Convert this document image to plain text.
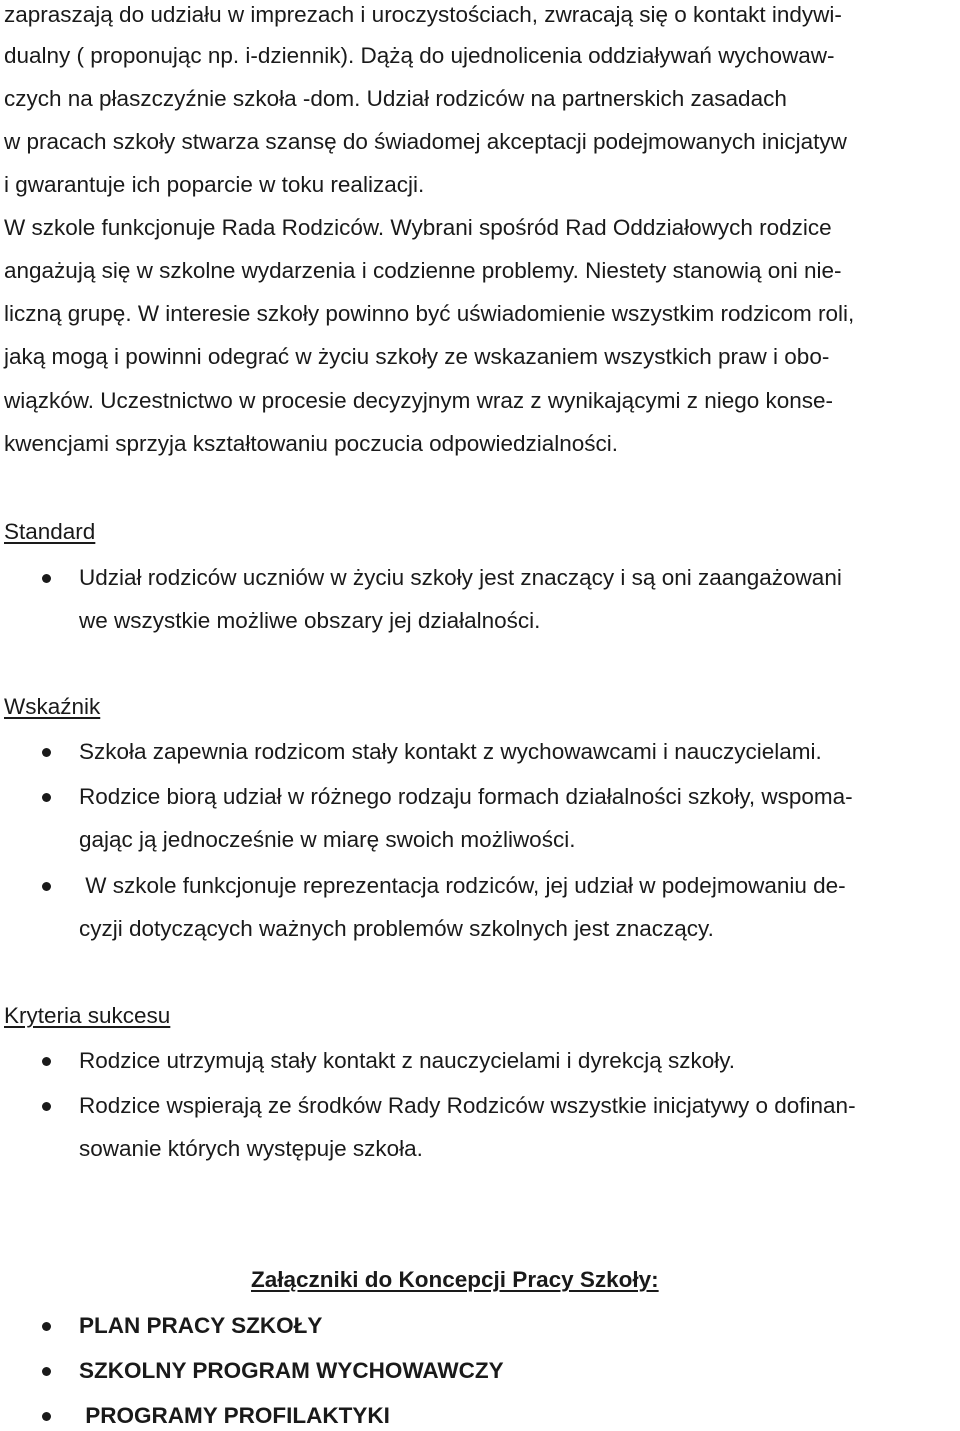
zapraszają do udziału w imprezach i uroczystościach, zwracają się o kontakt indywi-
dualny ( proponując np. i-dziennik). Dążą do ujednolicenia oddziaływań wychowaw-
czych na płaszczyźnie szkoła -dom. Udział rodziców na partnerskich zasadach
w pracach szkoły stwarza szansę do świadomej akceptacji podejmowanych inicjatyw
i gwarantuje ich poparcie w toku realizacji.
W szkole funkcjonuje Rada Rodziców. Wybrani spośród Rad Oddziałowych rodzice
angażują się w szkolne wydarzenia i codzienne problemy. Niestety stanowią oni nie-
liczną grupę. W interesie szkoły powinno być uświadomienie wszystkim rodzicom roli,
jaką mogą i powinni odegrać w życiu szkoły ze wskazaniem wszystkich praw i obo-
wiązków. Uczestnictwo w procesie decyzyjnym wraz z wynikającymi z niego konse-
kwencjami sprzyja kształtowaniu poczucia odpowiedzialności.
Standard
Udział rodziców uczniów w życiu szkoły jest znaczący i są oni zaangażowani
we wszystkie możliwe obszary jej działalności.
Wskaźnik
Szkoła zapewnia rodzicom stały kontakt z wychowawcami i nauczycielami.
Rodzice biorą udział w różnego rodzaju formach działalności szkoły, wspoma-
gając ją jednocześnie w miarę swoich możliwości.
W szkole funkcjonuje reprezentacja rodziców, jej udział w podejmowaniu de-
cyzji dotyczących ważnych problemów szkolnych jest znaczący.
Kryteria sukcesu
Rodzice utrzymują stały kontakt z nauczycielami i dyrekcją szkoły.
Rodzice wspierają ze środków Rady Rodziców wszystkie inicjatywy o dofinan-
sowanie których występuje szkoła.
Załączniki do Koncepcji Pracy Szkoły:
PLAN PRACY SZKOŁY
SZKOLNY PROGRAM WYCHOWAWCZY
PROGRAMY PROFILAKTYKI
